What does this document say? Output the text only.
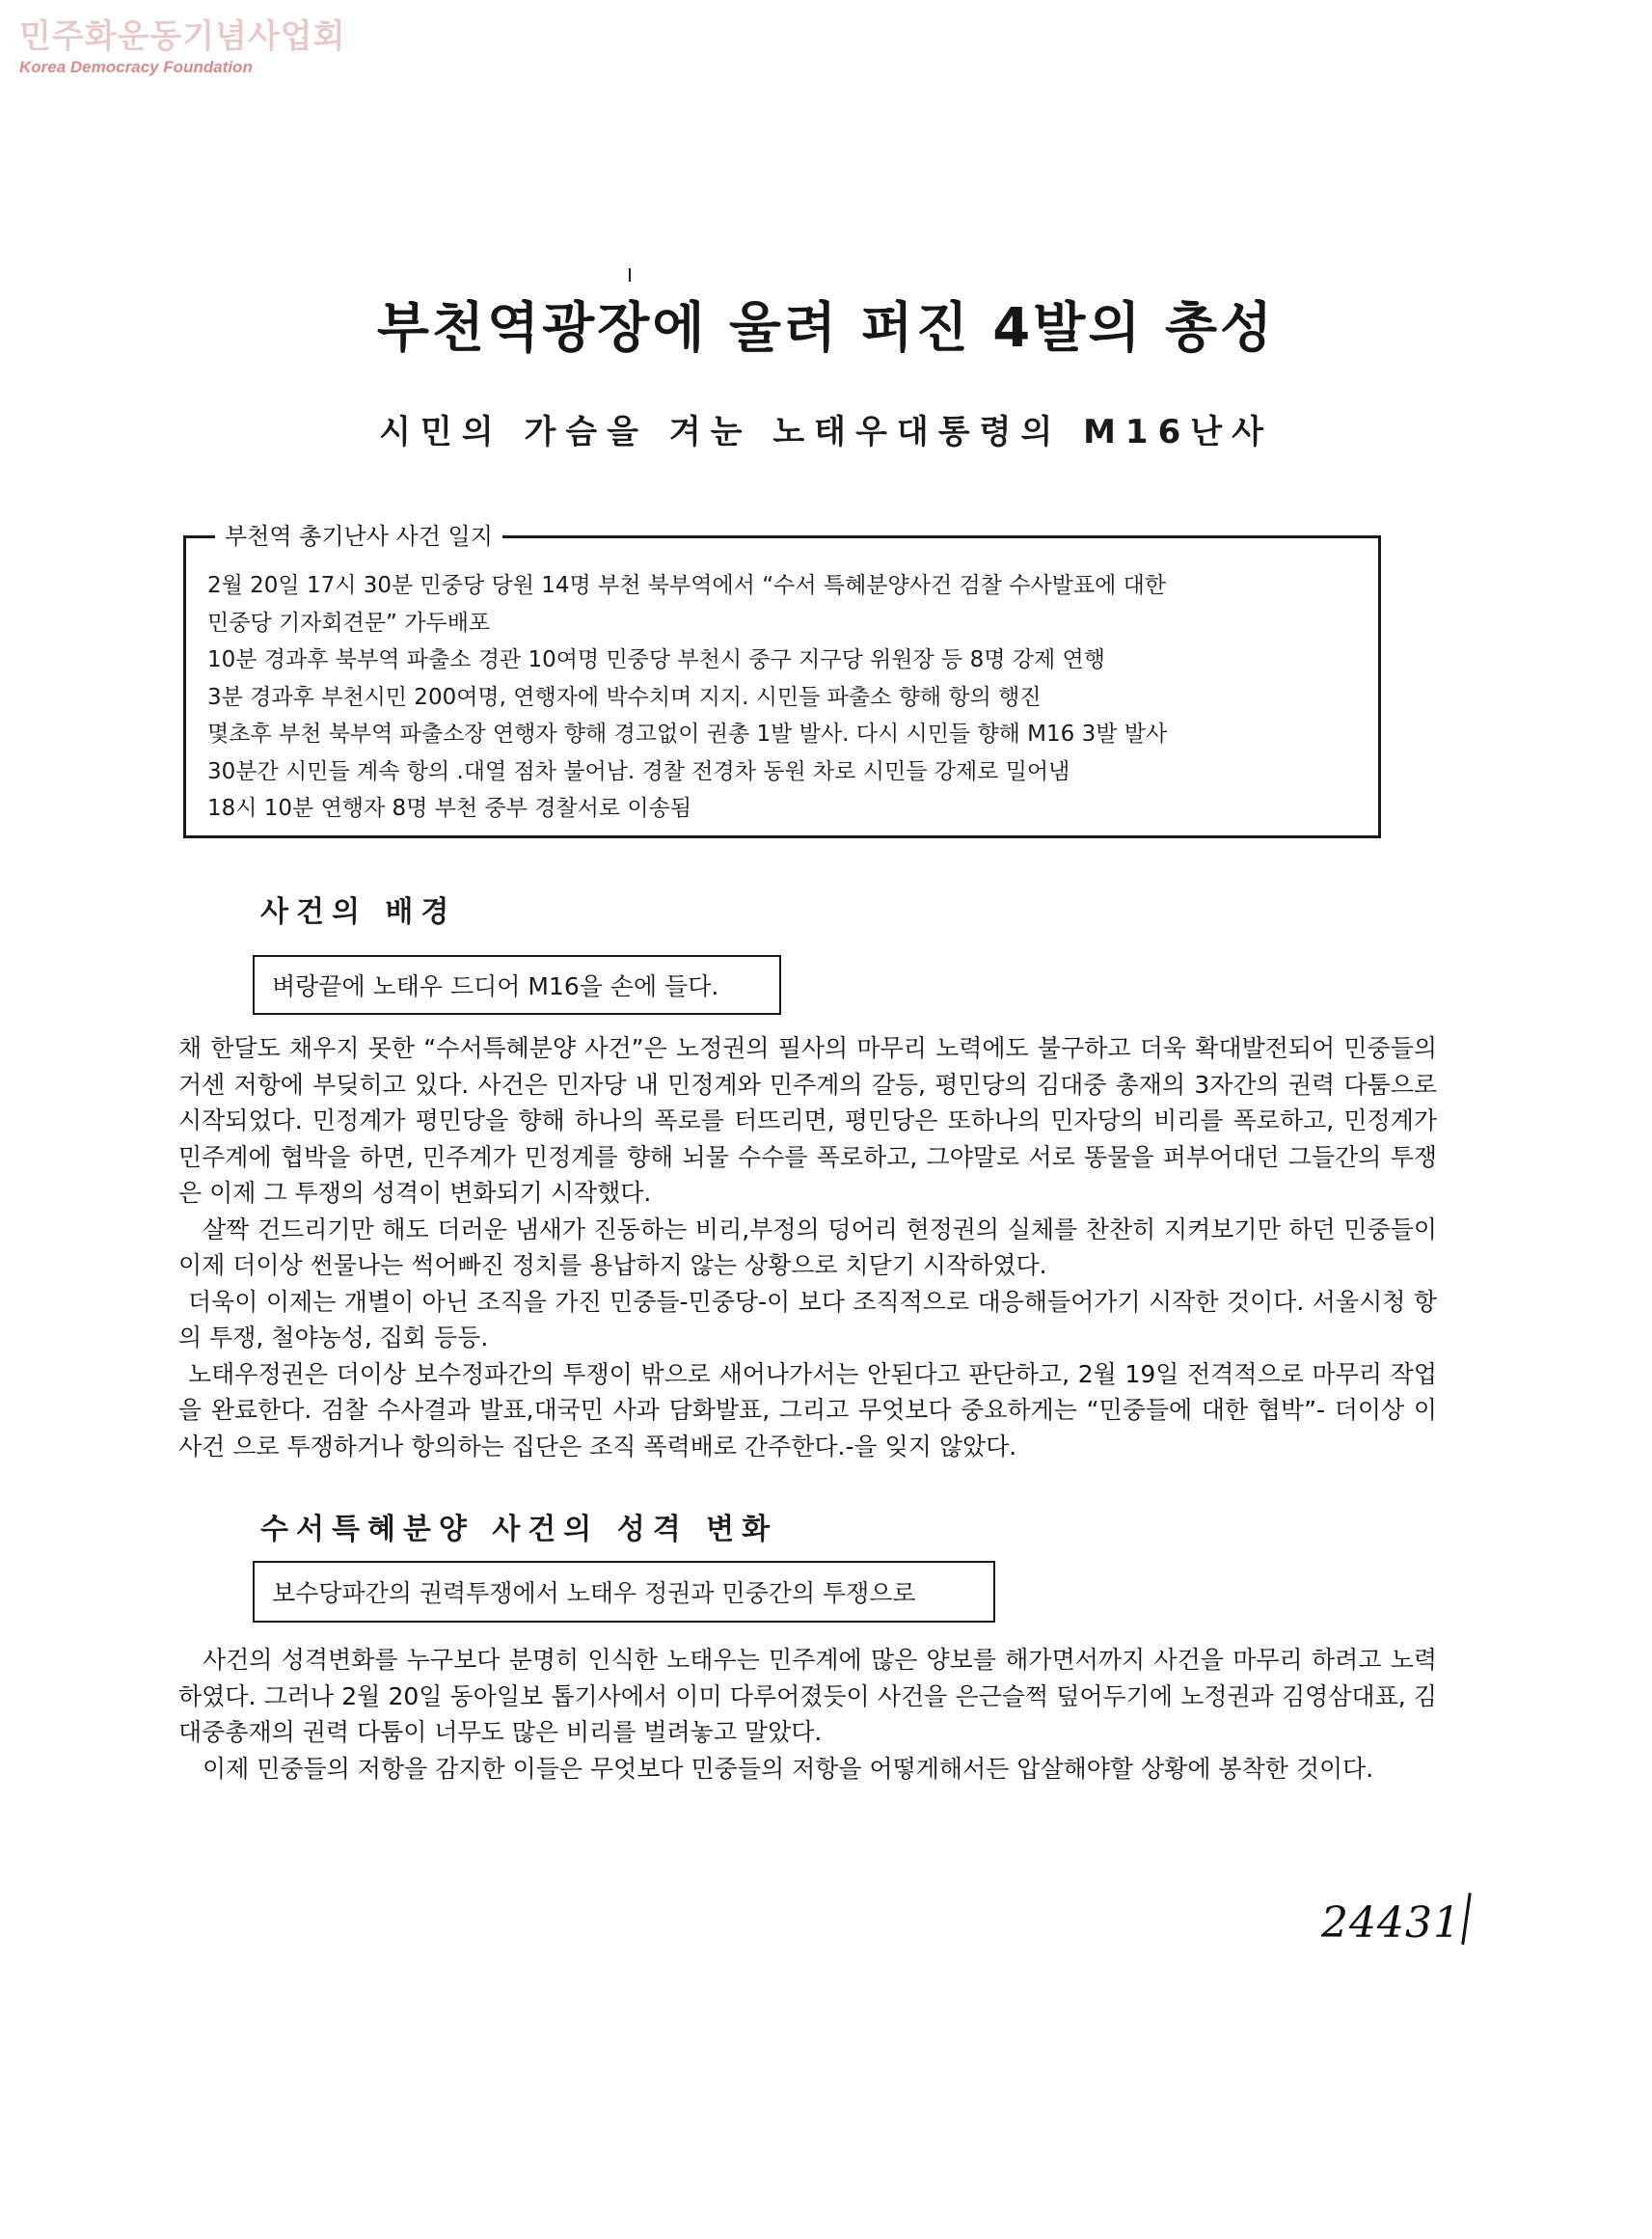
민주화운동기념사업회
Korea Democracy Foundation
부천역광장에 울려 퍼진 4발의 총성
시민의 가슴을 겨눈 노태우대통령의 M16난사
부천역 총기난사 사건 일지
2월 20일 17시 30분 민중당 당원 14명 부천 북부역에서 “수서 특혜분양사건 검찰 수사발표에 대한
민중당 기자회견문” 가두배포
10분 경과후 북부역 파출소 경관 10여명 민중당 부천시 중구 지구당 위원장 등 8명 강제 연행
3분 경과후 부천시민 200여명, 연행자에 박수치며 지지. 시민들 파출소 향해 항의 행진
몇초후 부천 북부역 파출소장 연행자 향해 경고없이 권총 1발 발사. 다시 시민들 향해 M16 3발 발사
30분간 시민들 계속 항의 .대열 점차 불어남. 경찰 전경차 동원 차로 시민들 강제로 밀어냄
18시 10분 연행자 8명 부천 중부 경찰서로 이송됨
사건의 배경
벼랑끝에 노태우 드디어 M16을 손에 들다.

채 한달도 채우지 못한 “수서특혜분양 사건”은 노정권의 필사의 마무리 노력에도 불구하고 더욱 확대발전되어 민중들의 거센 저항에 부딪히고 있다. 사건은 민자당 내 민정계와 민주계의 갈등, 평민당의 김대중 총재의 3자간의 권력 다툼으로 시작되었다. 민정계가 평민당을 향해 하나의 폭로를 터뜨리면, 평민당은 또하나의 민자당의 비리를 폭로하고, 민정계가 민주계에 협박을 하면, 민주계가 민정계를 향해 뇌물 수수를 폭로하고, 그야말로 서로 똥물을 퍼부어대던 그들간의 투쟁은 이제 그 투쟁의 성격이 변화되기 시작했다.

살짝 건드리기만 해도 더러운 냄새가 진동하는 비리,부정의 덩어리 현정권의 실체를 찬찬히 지켜보기만 하던 민중들이 이제 더이상 썬물나는 썩어빠진 정치를 용납하지 않는 상황으로 치닫기 시작하였다.

더욱이 이제는 개별이 아닌 조직을 가진 민중들-민중당-이 보다 조직적으로 대응해들어가기 시작한 것이다. 서울시청 항의 투쟁, 철야농성, 집회 등등.

노태우정권은 더이상 보수정파간의 투쟁이 밖으로 새어나가서는 안된다고 판단하고, 2월 19일 전격적으로 마무리 작업을 완료한다. 검찰 수사결과 발표,대국민 사과 담화발표, 그리고 무엇보다 중요하게는 “민중들에 대한 협박”- 더이상 이사건 으로 투쟁하거나 항의하는 집단은 조직 폭력배로 간주한다.-을 잊지 않았다.

수서특혜분양 사건의 성격 변화
보수당파간의 권력투쟁에서 노태우 정권과 민중간의 투쟁으로

사건의 성격변화를 누구보다 분명히 인식한 노태우는 민주계에 많은 양보를 해가면서까지 사건을 마무리 하려고 노력하였다. 그러나 2월 20일 동아일보 톱기사에서 이미 다루어졌듯이 사건을 은근슬쩍 덮어두기에 노정권과 김영삼대표, 김대중총재의 권력 다툼이 너무도 많은 비리를 벌려놓고 말았다.

이제 민중들의 저항을 감지한 이들은 무엇보다 민중들의 저항을 어떻게해서든 압살해야할 상황에 봉착한 것이다.

24431
